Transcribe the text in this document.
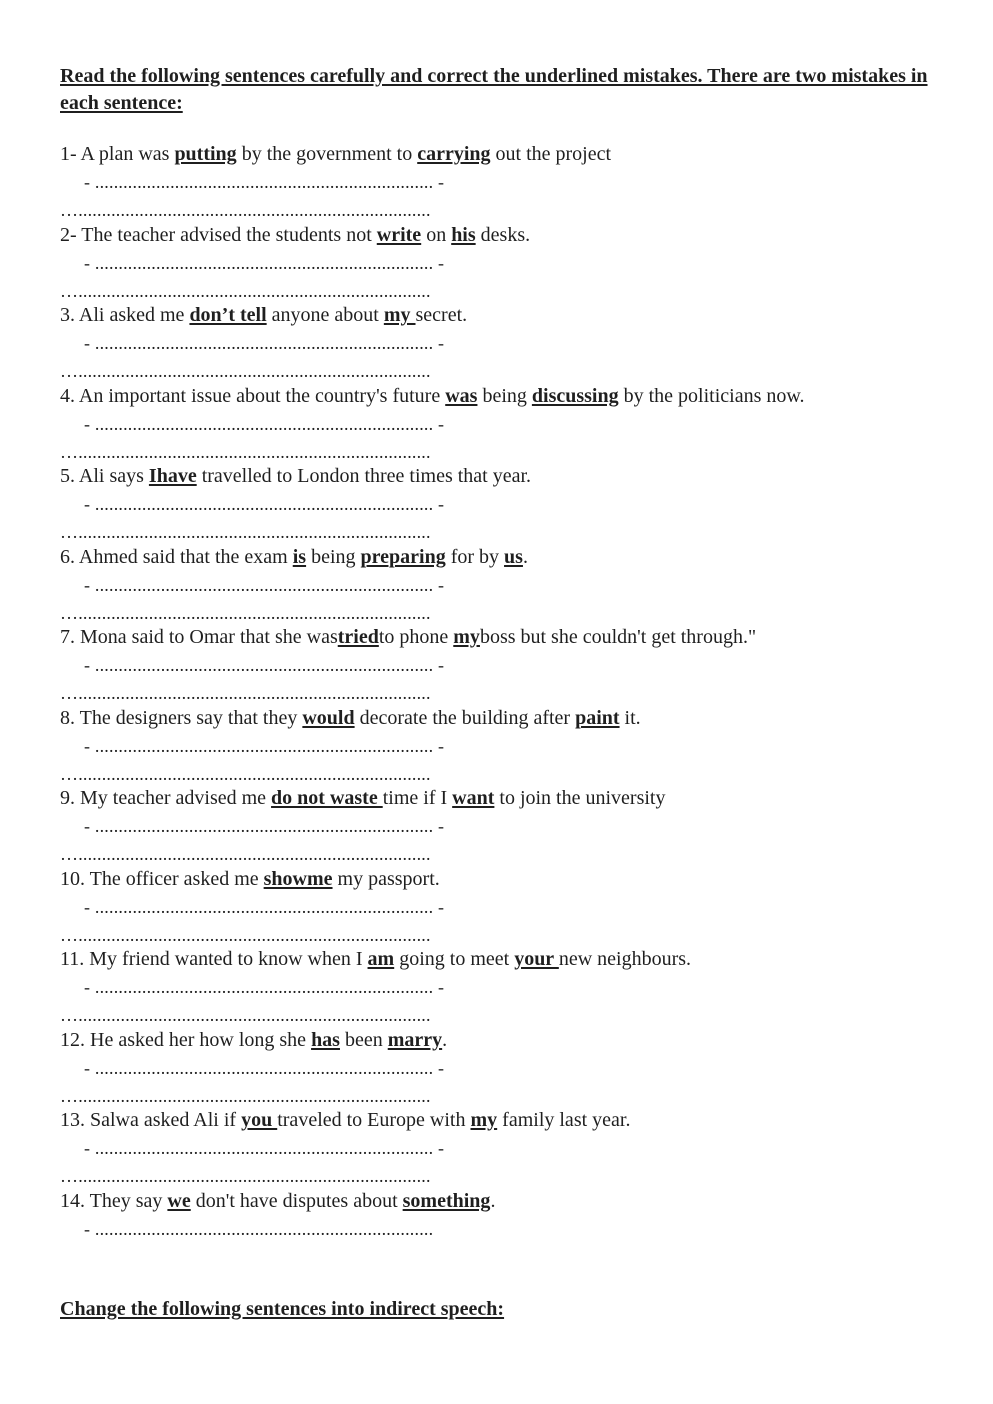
Read the following sentences carefully and correct the underlined mistakes. There are two mistakes in each sentence:

1- A plan was putting by the government to carrying out the project

- ........................................................................ -

…...........................................................................

2- The teacher advised the students not write on his desks.

- ........................................................................ -

…...........................................................................

3. Ali asked me don’t tell anyone about my secret.

- ........................................................................ -

…...........................................................................

4. An important issue about the country's future was being discussing by the politicians now.

- ........................................................................ -

…...........................................................................

5. Ali says Ihave travelled to London three times that year.

- ........................................................................ -

…...........................................................................

6. Ahmed said that the exam is being preparing for by us.

- ........................................................................ -

…...........................................................................

7. Mona said to Omar that she wastriedto phone myboss but she couldn't get through."

- ........................................................................ -

…...........................................................................

8. The designers say that they would decorate the building after paint it.

- ........................................................................ -

…...........................................................................

9. My teacher advised me do not waste time if I want to join the university

- ........................................................................ -

…...........................................................................

10. The officer asked me showme my passport.

- ........................................................................ -

…...........................................................................

11. My friend wanted to know when I am going to meet your new neighbours.

- ........................................................................ -

…...........................................................................

12. He asked her how long she has been marry.

- ........................................................................ -

…...........................................................................

13. Salwa asked Ali if you traveled to Europe with my family last year.

- ........................................................................ -

…...........................................................................

14. They say we don't have disputes about something.

- ........................................................................

Change the following sentences into indirect speech:
